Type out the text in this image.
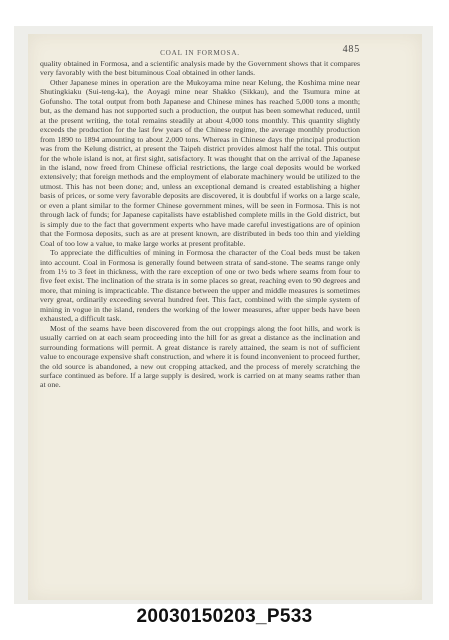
COAL IN FORMOSA.	485

quality obtained in Formosa, and a scientific analysis made by the Government shows that it compares very favorably with the best bituminous Coal obtained in other lands.

Other Japanese mines in operation are the Mukoyama mine near Kelung, the Koshima mine near Shutingkiaku (Sui-teng-ka), the Aoyagi mine near Shakko (Sikkau), and the Tsumura mine at Gofunsho. The total output from both Japanese and Chinese mines has reached 5,000 tons a month; but, as the demand has not supported such a production, the output has been somewhat reduced, until at the present writing, the total remains steadily at about 4,000 tons monthly. This quantity slightly exceeds the production for the last few years of the Chinese regime, the average monthly production from 1890 to 1894 amounting to about 2,000 tons. Whereas in Chinese days the principal production was from the Kelung district, at present the Taipeh district provides almost half the total. This output for the whole island is not, at first sight, satisfactory. It was thought that on the arrival of the Japanese in the island, now freed from Chinese official restrictions, the large coal deposits would be worked extensively; that foreign methods and the employment of elaborate machinery would be utilized to the utmost. This has not been done; and, unless an exceptional demand is created establishing a higher basis of prices, or some very favorable deposits are discovered, it is doubtful if works on a large scale, or even a plant similar to the former Chinese government mines, will be seen in Formosa. This is not through lack of funds; for Japanese capitalists have established complete mills in the Gold district, but is simply due to the fact that government experts who have made careful investigations are of opinion that the Formosa deposits, such as are at present known, are distributed in beds too thin and yielding Coal of too low a value, to make large works at present profitable.

To appreciate the difficulties of mining in Formosa the character of the Coal beds must be taken into account. Coal in Formosa is generally found between strata of sand-stone. The seams range only from 1½ to 3 feet in thickness, with the rare exception of one or two beds where seams from four to five feet exist. The inclination of the strata is in some places so great, reaching even to 90 degrees and more, that mining is impracticable. The distance between the upper and middle measures is sometimes very great, ordinarily exceeding several hundred feet. This fact, combined with the simple system of mining in vogue in the island, renders the working of the lower measures, after upper beds have been exhausted, a difficult task.

Most of the seams have been discovered from the out croppings along the foot hills, and work is usually carried on at each seam proceeding into the hill for as great a distance as the inclination and surrounding formations will permit. A great distance is rarely attained, the seam is not of sufficient value to encourage expensive shaft construction, and where it is found inconvenient to proceed further, the old source is abandoned, a new out cropping attacked, and the process of merely scratching the surface continued as before. If a large supply is desired, work is carried on at many seams rather than at one.

20030150203_P533
